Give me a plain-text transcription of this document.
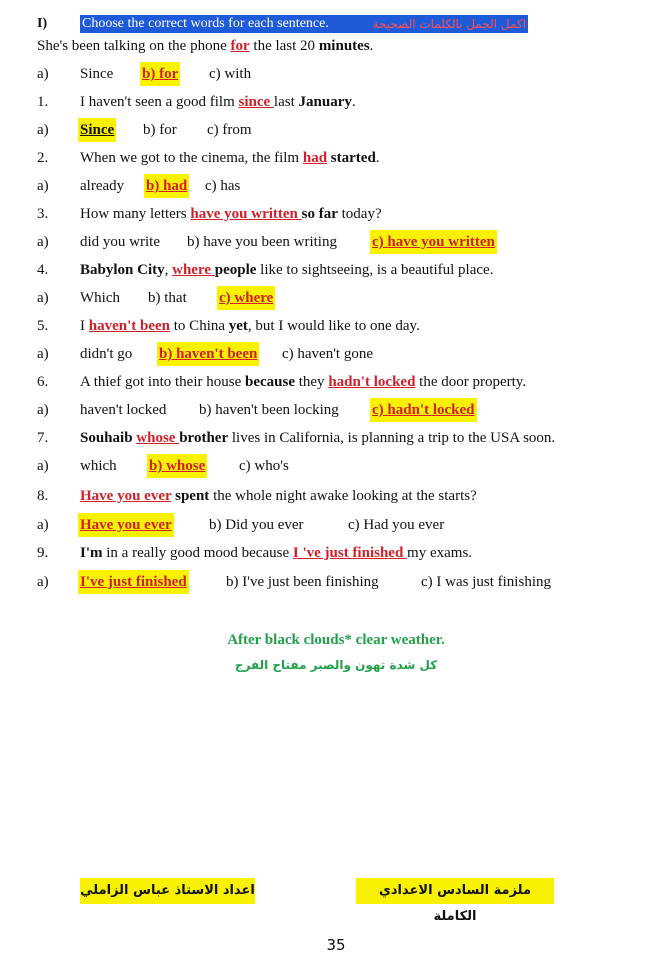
I) Choose the correct words for each sentence.	اكمل الجمل بالكلمات الصحيحة
She's been talking on the phone for the last 20 minutes.
a) Since b) for c) with
1. I haven't seen a good film since last January.
a) Since b) for c) from
2. When we got to the cinema, the film had started.
a) already b) had c) has
3. How many letters have you written so far today?
a) did you write b) have you been writing c) have you written
4. Babylon City, where people like to sightseeing, is a beautiful place.
a) Which b) that c) where
5. I haven't been to China yet, but I would like to one day.
a) didn't go b) haven't been c) haven't gone
6. A thief got into their house because they hadn't locked the door property.
a) haven't locked b) haven't been locking c) hadn't locked
7. Souhaib whose brother lives in California, is planning a trip to the USA soon.
a) which b) whose c) who's
8. Have you ever spent the whole night awake looking at the starts?
a) Have you ever b) Did you ever	c) Had you ever
9. I'm in a really good mood because I 've just finished my exams.
a) I've just finished	b) I've just been finishing	c) I was just finishing
After black clouds* clear weather.
كل شدة تهون والصبر مفتاح الفرج
اعداد الاستاذ عباس الزاملي	ملزمة السادس الاعدادي الكاملة
35
